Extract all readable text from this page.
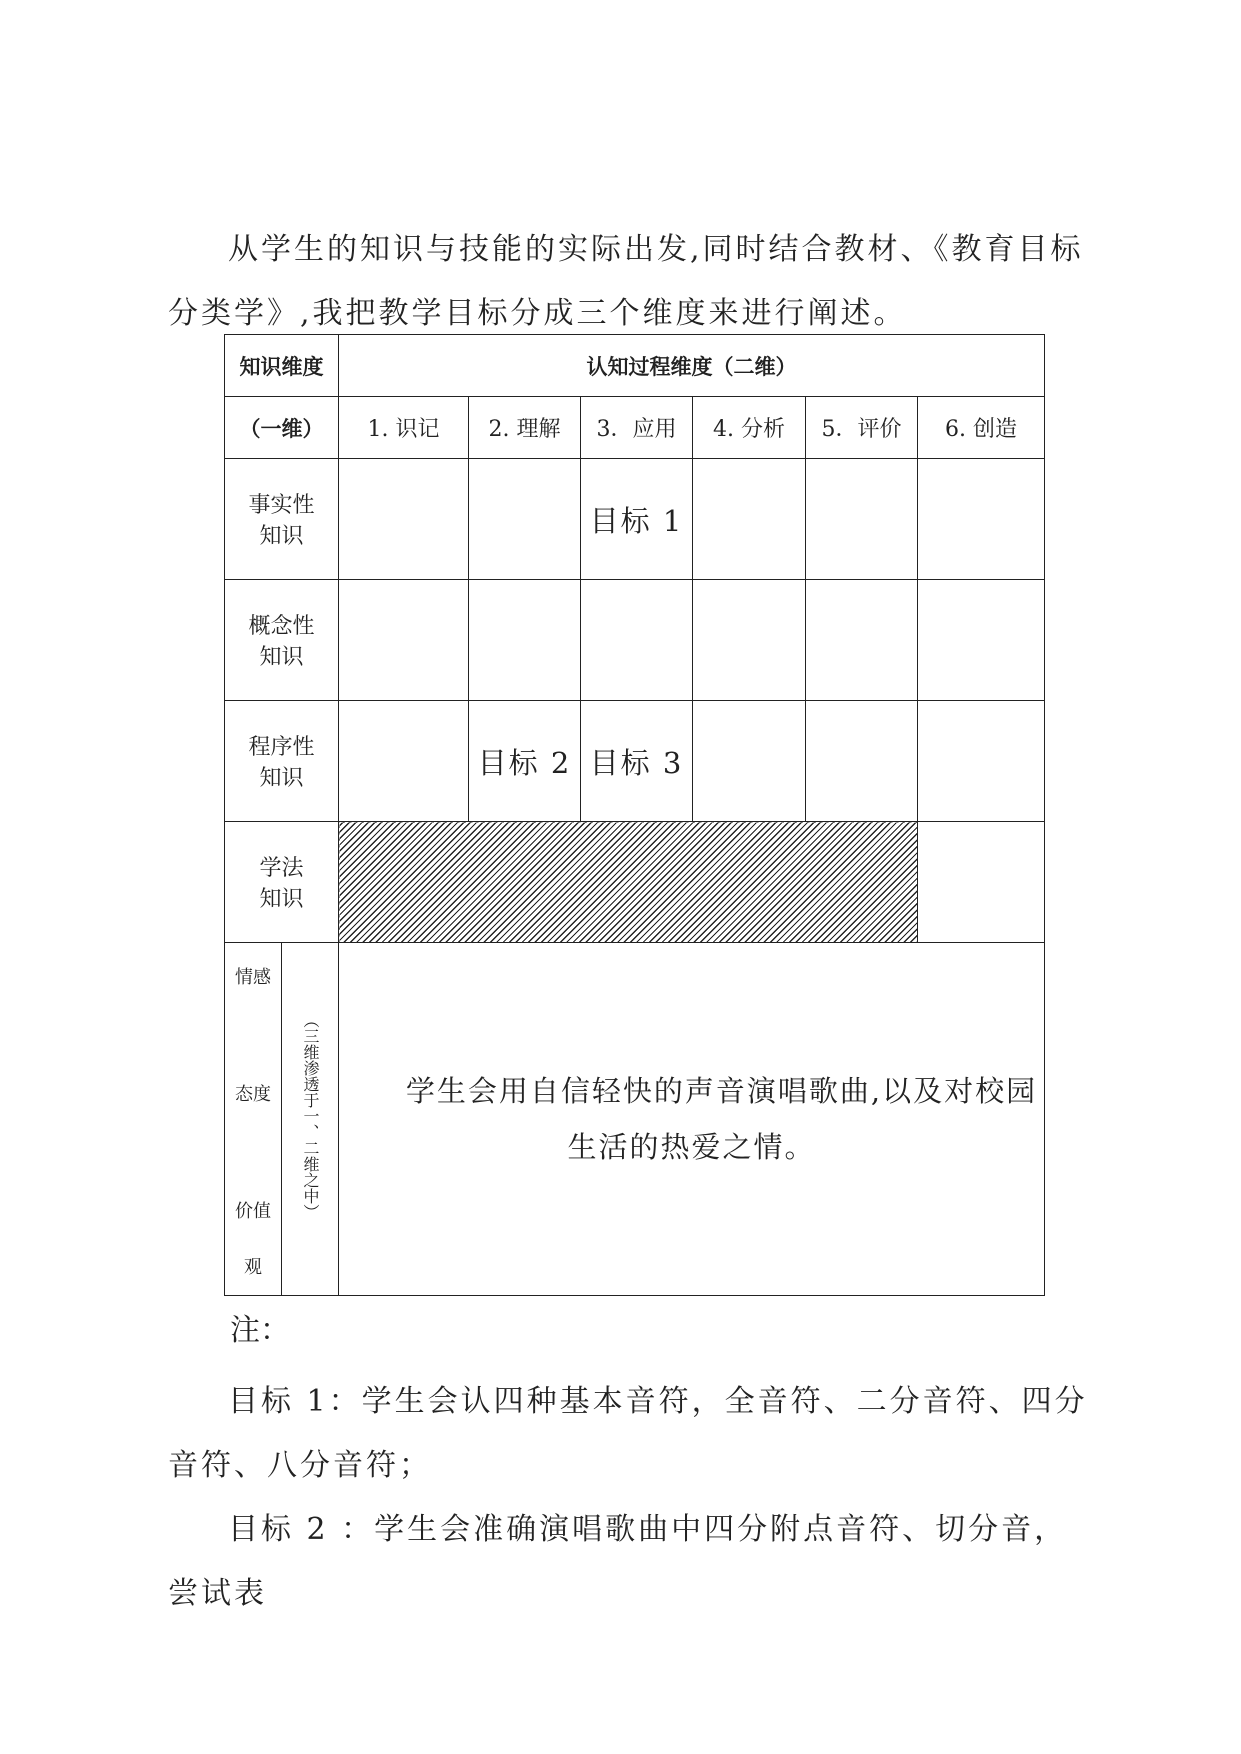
从学生的知识与技能的实际出发,同时结合教材、《教育目标
分类学》,我把教学目标分成三个维度来进行阐述。

知识维度		认知过程维度（二维）					
（一维）		1. 识记	2. 理解	3．应用	4. 分析	5．评价	6. 创造

事实性
知识				目标 1			

概念性
知识							

程序性
知识			目标 2	目标 3			

学法
知识							

情感
态度
价值
观	（三维渗透于一、二维之中）	学生会用自信轻快的声音演唱歌曲,以及对校园生活的热爱之情。					

注：

目标 1：学生会认四种基本音符，全音符、二分音符、四分音符、八分音符；

目标 2 ：学生会准确演唱歌曲中四分附点音符、切分音，尝试表
